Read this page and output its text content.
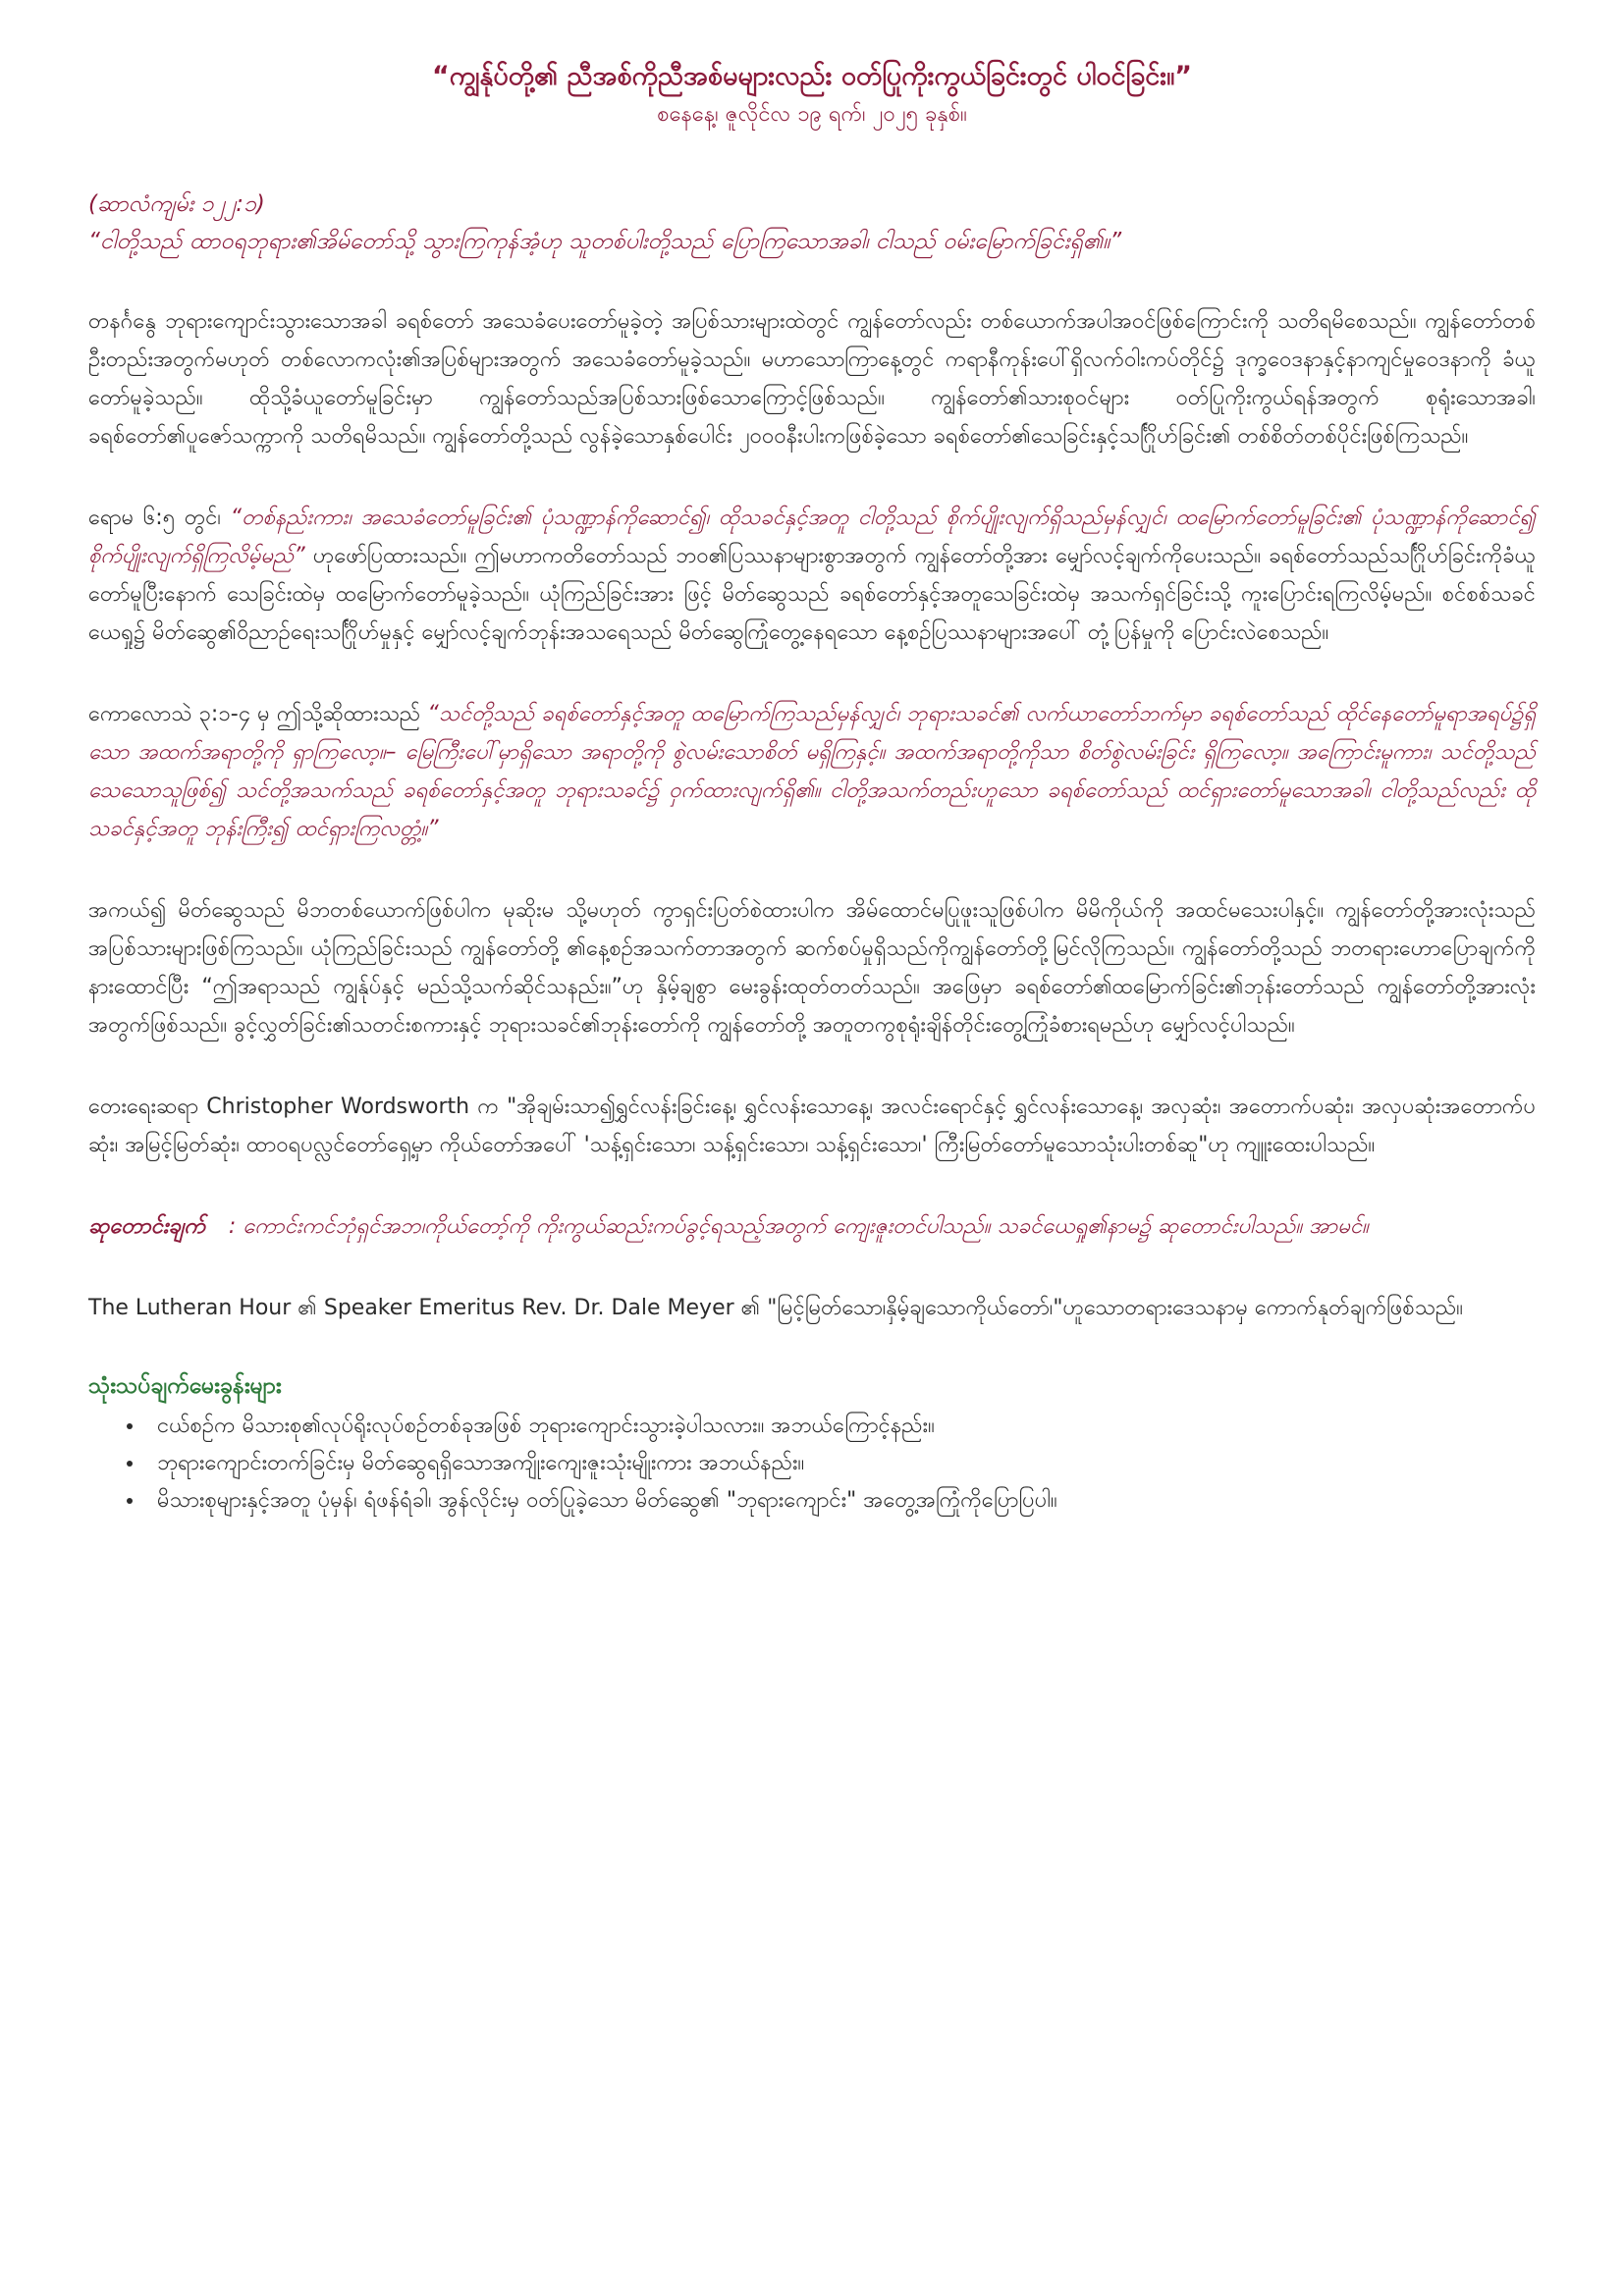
“ကျွန်ုပ်တို့၏ ညီအစ်ကိုညီအစ်မများလည်း ဝတ်ပြုကိုးကွယ်ခြင်းတွင် ပါဝင်ခြင်း။”
စနေနေ့၊ ဇူလိုင်လ ၁၉ ရက်၊ ၂၀၂၅ ခုနှစ်။
(ဆာလံကျမ်း ၁၂၂:၁)
“ငါတို့သည် ထာဝရဘုရား၏အိမ်တော်သို့ သွားကြကုန်အံ့ဟု သူတစ်ပါးတို့သည် ပြောကြသောအခါ၊ ငါသည် ဝမ်းမြောက်ခြင်းရှိ၏။”

တနင်္ဂနွေ ဘုရားကျောင်းသွားသောအခါ ခရစ်တော် အသေခံပေးတော်မူခဲ့တဲ့ အပြစ်သားများထဲတွင် ကျွန်တော်လည်း တစ်ယောက်အပါအဝင်ဖြစ်ကြောင်းကို သတိရမိစေသည်။ ကျွန်တော်တစ်ဦးတည်းအတွက်မဟုတ် တစ်လောကလုံး၏အပြစ်များအတွက် အသေခံတော်မူခဲ့သည်။ မဟာသောကြာနေ့တွင် ကရာနီကုန်းပေါ်ရှိလက်ဝါးကပ်တိုင်၌ ဒုက္ခဝေဒနာနှင့်နာကျင်မှုဝေဒနာကို ခံယူတော်မူခဲ့သည်။ ထိုသို့ခံယူတော်မူခြင်းမှာ ကျွန်တော်သည်အပြစ်သားဖြစ်သောကြောင့်ဖြစ်သည်။ ကျွန်တော်၏သားစုဝင်များ ဝတ်ပြုကိုးကွယ်ရန်အတွက် စုရုံးသောအခါ၊ ခရစ်တော်၏ပူဇော်သက္ကာကို သတိရမိသည်။ ကျွန်တော်တို့သည် လွန်ခဲ့သောနှစ်ပေါင်း ၂၀၀၀နီးပါးကဖြစ်ခဲ့သော ခရစ်တော်၏သေခြင်းနှင့်သင်္ဂြိုဟ်ခြင်း၏ တစ်စိတ်တစ်ပိုင်းဖြစ်ကြသည်။

ရောမ ၆:၅ တွင်၊ “တစ်နည်းကား၊ အသေခံတော်မူခြင်း၏ ပုံသဏ္ဍာန်ကိုဆောင်၍၊ ထိုသခင်နှင့်အတူ ငါတို့သည် စိုက်ပျိုးလျက်ရှိသည်မှန်လျှင်၊ ထမြောက်တော်မူခြင်း၏ ပုံသဏ္ဍာန်ကိုဆောင်၍ စိုက်ပျိုးလျက်ရှိကြလိမ့်မည်” ဟုဖော်ပြထားသည်။ ဤမဟာကတိတော်သည် ဘဝ၏ပြဿနာများစွာအတွက် ကျွန်တော်တို့အား မျှော်လင့်ချက်ကိုပေးသည်။ ခရစ်တော်သည်သင်္ဂြိုဟ်ခြင်းကိုခံယူတော်မူပြီးနောက် သေခြင်းထဲမှ ထမြောက်တော်မူခဲ့သည်။ ယုံကြည်ခြင်းအား ဖြင့် မိတ်ဆွေသည် ခရစ်တော်နှင့်အတူသေခြင်းထဲမှ အသက်ရှင်ခြင်းသို့ ကူးပြောင်းရကြလိမ့်မည်။ စင်စစ်သခင်ယေရှု၌ မိတ်ဆွေ၏ဝိညာဉ်ရေးသင်္ဂြိုဟ်မှုနှင့် မျှော်လင့်ချက်ဘုန်းအသရေသည် မိတ်ဆွေကြုံတွေ့နေရသော နေ့စဉ်ပြဿနာများအပေါ် တုံ့ပြန်မှုကို ပြောင်းလဲစေသည်။

ကောလောသဲ ၃:၁-၄ မှ ဤသို့ဆိုထားသည် “သင်တို့သည် ခရစ်တော်နှင့်အတူ ထမြောက်ကြသည်မှန်လျှင်၊ ဘုရားသခင်၏ လက်ယာတော်ဘက်မှာ ခရစ်တော်သည် ထိုင်နေတော်မူရာအရပ်၌ရှိသော အထက်အရာတို့ကို ရှာကြလော့။– မြေကြီးပေါ်မှာရှိသော အရာတို့ကို စွဲလမ်းသောစိတ် မရှိကြနှင့်။ အထက်အရာတို့ကိုသာ စိတ်စွဲလမ်းခြင်း ရှိကြလော့။ အကြောင်းမူကား၊ သင်တို့သည် သေသောသူဖြစ်၍ သင်တို့အသက်သည် ခရစ်တော်နှင့်အတူ ဘုရားသခင်၌ ဝှက်ထားလျက်ရှိ၏။ ငါတို့အသက်တည်းဟူသော ခရစ်တော်သည် ထင်ရှားတော်မူသောအခါ၊ ငါတို့သည်လည်း ထိုသခင်နှင့်အတူ ဘုန်းကြီး၍ ထင်ရှားကြလတ္တံ့။”

အကယ်၍ မိတ်ဆွေသည် မိဘတစ်ယောက်ဖြစ်ပါက မုဆိုးမ သို့မဟုတ် ကွာရှင်းပြတ်စဲထားပါက အိမ်ထောင်မပြုဖူးသူဖြစ်ပါက မိမိကိုယ်ကို အထင်မသေးပါနှင့်။ ကျွန်တော်တို့အားလုံးသည် အပြစ်သားများဖြစ်ကြသည်။ ယုံကြည်ခြင်းသည် ကျွန်တော်တို့ ၏နေ့စဉ်အသက်တာအတွက် ဆက်စပ်မှုရှိသည်ကိုကျွန်တော်တို့မြင်လိုကြသည်။ ကျွန်တော်တို့သည် ဘတရားဟောပြောချက်ကိုနားထောင်ပြီး “ဤအရာသည် ကျွန်ုပ်နှင့် မည်သို့သက်ဆိုင်သနည်း။”ဟု နှိမ့်ချစွာ မေးခွန်းထုတ်တတ်သည်။ အဖြေမှာ ခရစ်တော်၏ထမြောက်ခြင်း၏ဘုန်းတော်သည် ကျွန်တော်တို့အားလုံးအတွက်ဖြစ်သည်။ ခွင့်လွှတ်ခြင်း၏သတင်းစကားနှင့် ဘုရားသခင်၏ဘုန်းတော်ကို ကျွန်တော်တို့ အတူတကွစုရုံးချိန်တိုင်းတွေ့ကြုံခံစားရမည်ဟု မျှော်လင့်ပါသည်။

တေးရေးဆရာ Christopher Wordsworth က "အိုချမ်းသာ၍ရွှင်လန်းခြင်းနေ့၊ ရွှင်လန်းသောနေ့၊ အလင်းရောင်နှင့် ရွှင်လန်းသောနေ့၊ အလှဆုံး၊ အတောက်ပဆုံး၊ အလှပဆုံးအတောက်ပဆုံး၊ အမြင့်မြတ်ဆုံး၊ ထာဝရပလ္လင်တော်ရှေ့မှာ ကိုယ်တော်အပေါ် 'သန့်ရှင်းသော၊ သန့်ရှင်းသော၊ သန့်ရှင်းသော၊' ကြီးမြတ်တော်မူသောသုံးပါးတစ်ဆူ"ဟု ကျူးထေးပါသည်။

ဆုတောင်းချက် : ကောင်းကင်ဘုံရှင်အဘ၊ကိုယ်တော့်ကို ကိုးကွယ်ဆည်းကပ်ခွင့်ရသည့်အတွက် ကျေးဇူးတင်ပါသည်။ သခင်ယေရှု၏နာမ၌ ဆုတောင်းပါသည်။ အာမင်။
The Lutheran Hour ၏ Speaker Emeritus Rev. Dr. Dale Meyer ၏ "မြင့်မြတ်သော၊နှိမ့်ချသောကိုယ်တော်၊"ဟူသောတရားဒေသနာမှ ကောက်နုတ်ချက်ဖြစ်သည်။
သုံးသပ်ချက်မေးခွန်းများ
• ငယ်စဉ်က မိသားစု၏လုပ်ရိုးလုပ်စဉ်တစ်ခုအဖြစ် ဘုရားကျောင်းသွားခဲ့ပါသလား။ အဘယ်ကြောင့်နည်း။
• ဘုရားကျောင်းတက်ခြင်းမှ မိတ်ဆွေရရှိသောအကျိုးကျေးဇူးသုံးမျိုးကား အဘယ်နည်း။
• မိသားစုများနှင့်အတူ ပုံမှန်၊ ရံဖန်ရံခါ၊ အွန်လိုင်းမှ ဝတ်ပြုခဲ့သော မိတ်ဆွေ၏ "ဘုရားကျောင်း" အတွေ့အကြုံကိုပြောပြပါ။
